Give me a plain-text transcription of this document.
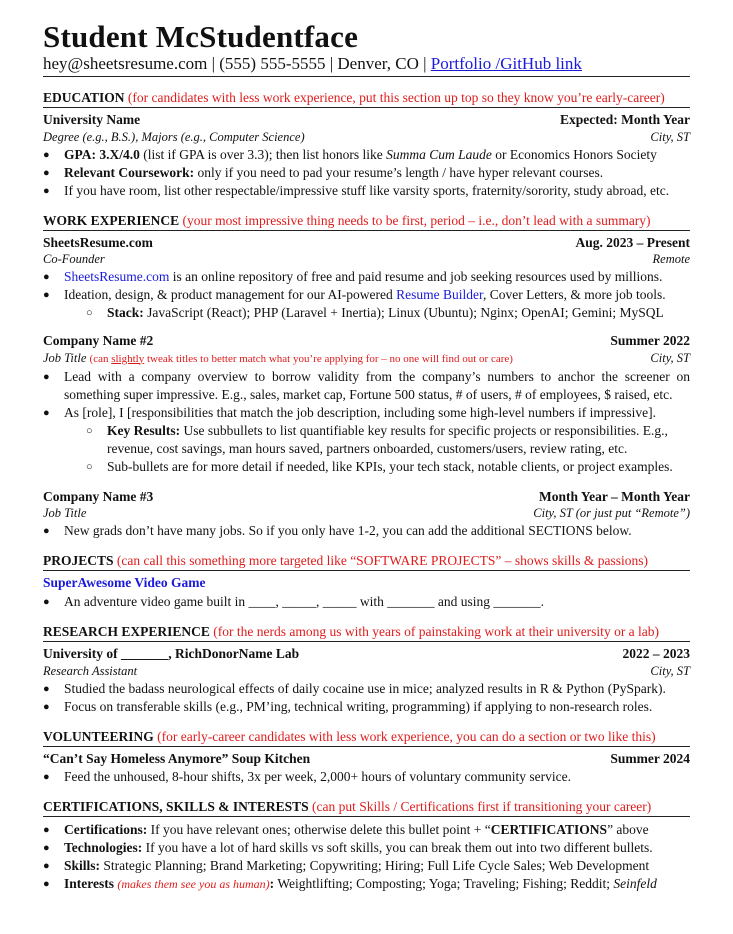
Student McStudentface
hey@sheetsresume.com | (555) 555-5555 | Denver, CO | Portfolio /GitHub link
EDUCATION (for candidates with less work experience, put this section up top so they know you’re early-career)
University Name	Expected: Month Year
Degree (e.g., B.S.), Majors (e.g., Computer Science)	City, ST
● GPA: 3.X/4.0 (list if GPA is over 3.3); then list honors like Summa Cum Laude or Economics Honors Society
● Relevant Coursework: only if you need to pad your resume’s length / have hyper relevant courses.
● If you have room, list other respectable/impressive stuff like varsity sports, fraternity/sorority, study abroad, etc.
WORK EXPERIENCE (your most impressive thing needs to be first, period – i.e., don’t lead with a summary)
SheetsResume.com	Aug. 2023 – Present
Co-Founder	Remote
● SheetsResume.com is an online repository of free and paid resume and job seeking resources used by millions.
● Ideation, design, & product management for our AI-powered Resume Builder, Cover Letters, & more job tools.
○ Stack: JavaScript (React); PHP (Laravel + Inertia); Linux (Ubuntu); Nginx; OpenAI; Gemini; MySQL
Company Name #2	Summer 2022
Job Title (can slightly tweak titles to better match what you’re applying for – no one will find out or care)	City, ST
● Lead with a company overview to borrow validity from the company’s numbers to anchor the screener on something super impressive. E.g., sales, market cap, Fortune 500 status, # of users, # of employees, $ raised, etc.
● As [role], I [responsibilities that match the job description, including some high-level numbers if impressive].
○ Key Results: Use subbullets to list quantifiable key results for specific projects or responsibilities. E.g., revenue, cost savings, man hours saved, partners onboarded, customers/users, review rating, etc.
○ Sub-bullets are for more detail if needed, like KPIs, your tech stack, notable clients, or project examples.
Company Name #3	Month Year – Month Year
Job Title	City, ST (or just put “Remote”)
● New grads don’t have many jobs. So if you only have 1-2, you can add the additional SECTIONS below.
PROJECTS (can call this something more targeted like “SOFTWARE PROJECTS” – shows skills & passions)
SuperAwesome Video Game
● An adventure video game built in ____, _____, _____ with _______ and using _______.
RESEARCH EXPERIENCE (for the nerds among us with years of painstaking work at their university or a lab)
University of _______, RichDonorName Lab	2022 – 2023
Research Assistant	City, ST
● Studied the badass neurological effects of daily cocaine use in mice; analyzed results in R & Python (PySpark).
● Focus on transferable skills (e.g., PM’ing, technical writing, programming) if applying to non-research roles.
VOLUNTEERING (for early-career candidates with less work experience, you can do a section or two like this)
“Can’t Say Homeless Anymore” Soup Kitchen	Summer 2024
● Feed the unhoused, 8-hour shifts, 3x per week, 2,000+ hours of voluntary community service.
CERTIFICATIONS, SKILLS & INTERESTS (can put Skills / Certifications first if transitioning your career)
● Certifications: If you have relevant ones; otherwise delete this bullet point + “CERTIFICATIONS” above
● Technologies: If you have a lot of hard skills vs soft skills, you can break them out into two different bullets.
● Skills: Strategic Planning; Brand Marketing; Copywriting; Hiring; Full Life Cycle Sales; Web Development
● Interests (makes them see you as human): Weightlifting; Composting; Yoga; Traveling; Fishing; Reddit; Seinfeld
